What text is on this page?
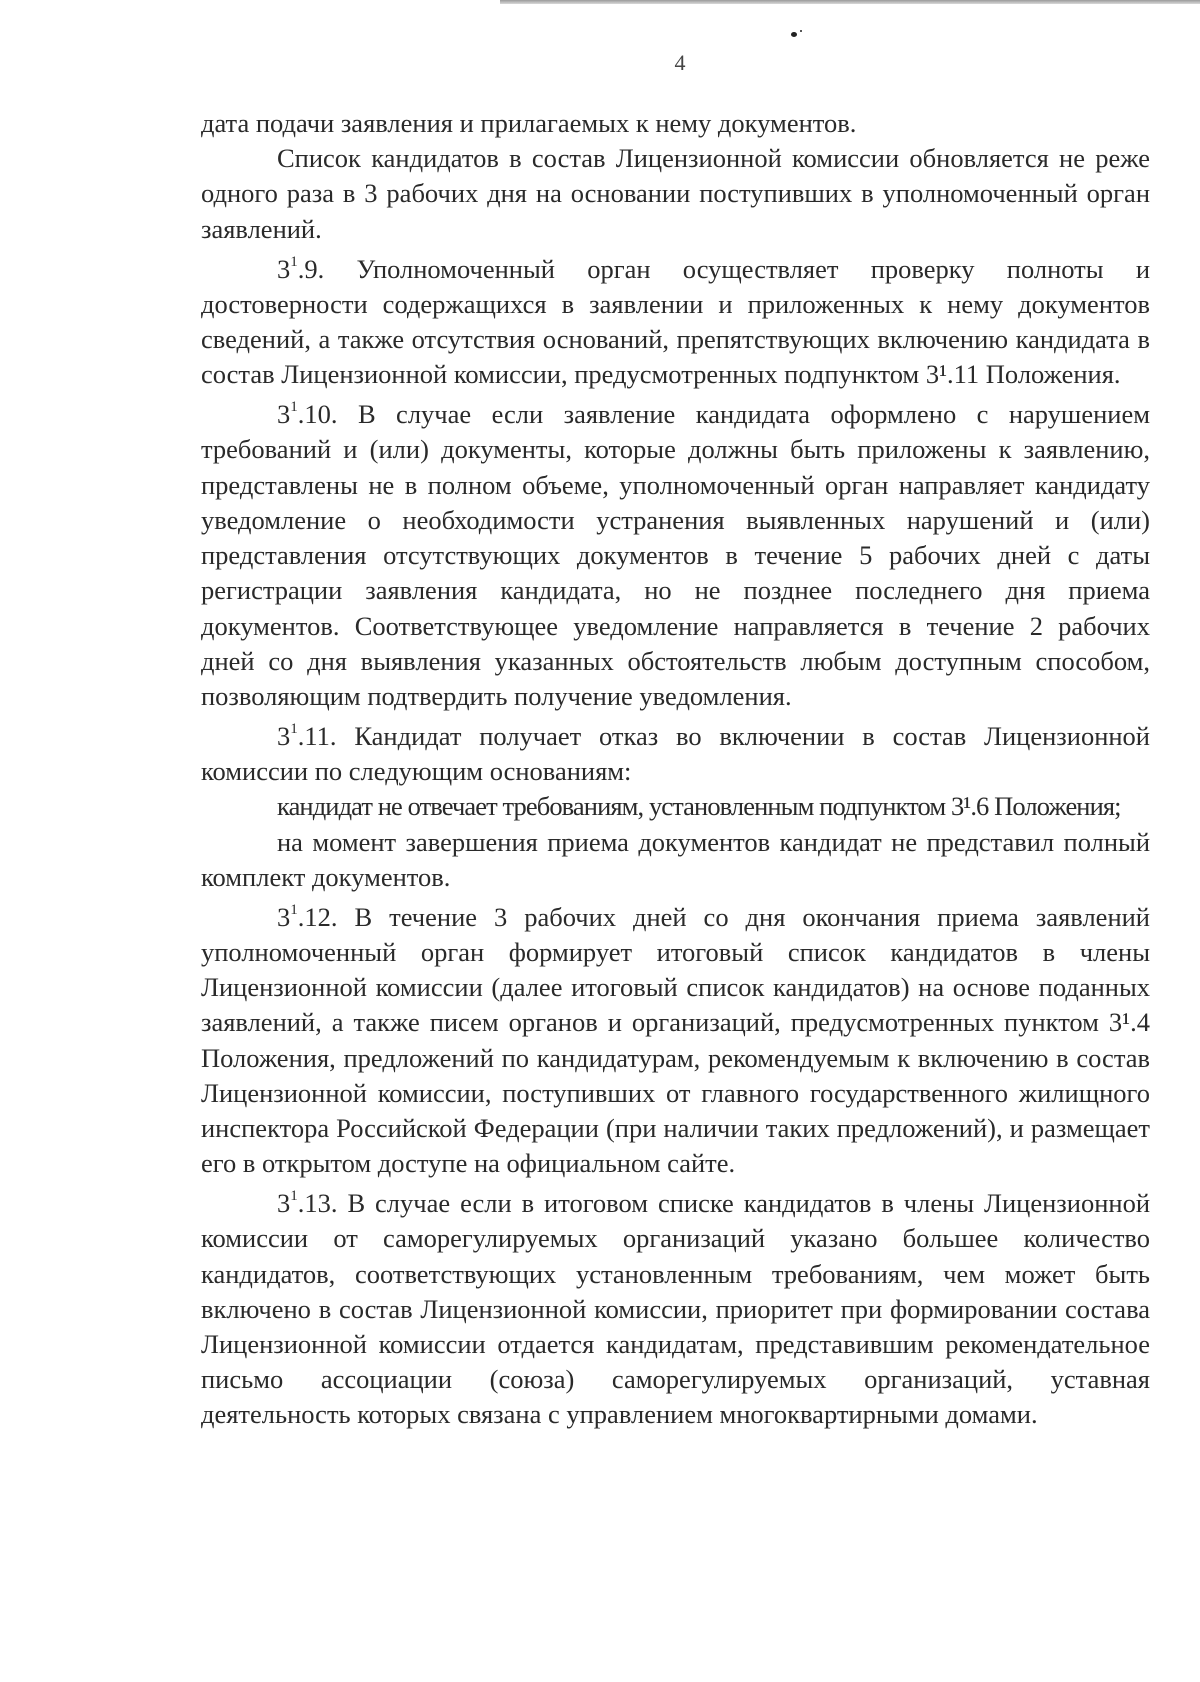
4

дата подачи заявления и прилагаемых к нему документов.

Список кандидатов в состав Лицензионной комиссии обновляется не реже одного раза в 3 рабочих дня на основании поступивших в уполномоченный орган заявлений.

$3^1.9$. Уполномоченный орган осуществляет проверку полноты и достоверности содержащихся в заявлении и приложенных к нему документов сведений, а также отсутствия оснований, препятствующих включению кандидата в состав Лицензионной комиссии, предусмотренных подпунктом 3¹.11 Положения.

$3^1.10$. В случае если заявление кандидата оформлено с нарушением требований и (или) документы, которые должны быть приложены к заявлению, представлены не в полном объеме, уполномоченный орган направляет кандидату уведомление о необходимости устранения выявленных нарушений и (или) представления отсутствующих документов в течение 5 рабочих дней с даты регистрации заявления кандидата, но не позднее последнего дня приема документов. Соответствующее уведомление направляется в течение 2 рабочих дней со дня выявления указанных обстоятельств любым доступным способом, позволяющим подтвердить получение уведомления.

$3^1.11$. Кандидат получает отказ во включении в состав Лицензионной комиссии по следующим основаниям:

кандидат не отвечает требованиям, установленным подпунктом 3¹.6 Положения;

на момент завершения приема документов кандидат не представил полный комплект документов.

$3^1.12$. В течение 3 рабочих дней со дня окончания приема заявлений уполномоченный орган формирует итоговый список кандидатов в члены Лицензионной комиссии (далее итоговый список кандидатов) на основе поданных заявлений, а также писем органов и организаций, предусмотренных пунктом 3¹.4 Положения, предложений по кандидатурам, рекомендуемым к включению в состав Лицензионной комиссии, поступивших от главного государственного жилищного инспектора Российской Федерации (при наличии таких предложений), и размещает его в открытом доступе на официальном сайте.

$3^1.13$. В случае если в итоговом списке кандидатов в члены Лицензионной комиссии от саморегулируемых организаций указано большее количество кандидатов, соответствующих установленным требованиям, чем может быть включено в состав Лицензионной комиссии, приоритет при формировании состава Лицензионной комиссии отдается кандидатам, представившим рекомендательное письмо ассоциации (союза) саморегулируемых организаций, уставная деятельность которых связана с управлением многоквартирными домами.
